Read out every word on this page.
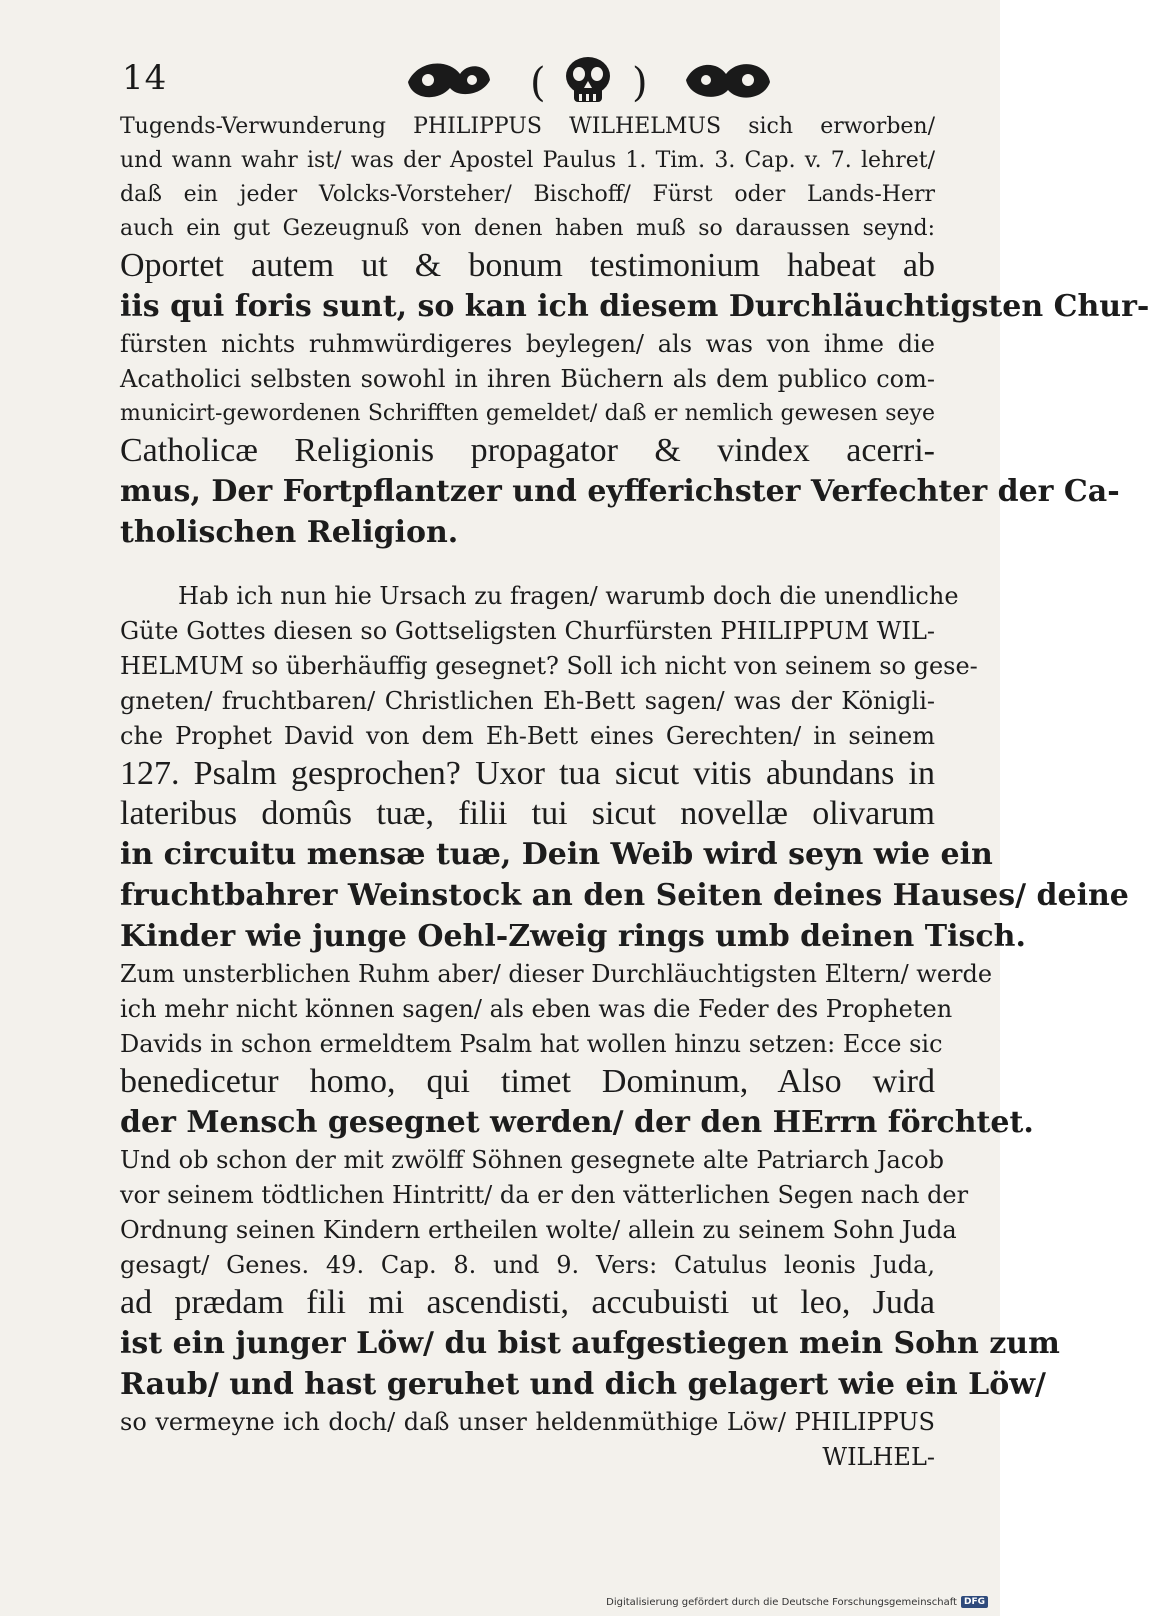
14	( )
Tugends-Verwunderung PHILIPPUS WILHELMUS sich erworben/
und wann wahr ist/ was der Apostel Paulus 1. Tim. 3. Cap. v. 7. lehret/
daß ein jeder Volcks-Vorsteher/ Bischoff/ Fürst oder Lands-Herr
auch ein gut Gezeugnuß von denen haben muß so daraussen seynd:
Oportet autem ut & bonum testimonium habeat ab
iis qui foris sunt, so kan ich diesem Durchläuchtigsten Chur-
fürsten nichts ruhmwürdigeres beylegen/ als was von ihme die
Acatholici selbsten sowohl in ihren Büchern als dem publico com-
municirt-gewordenen Schrifften gemeldet/ daß er nemlich gewesen seye
Catholicæ Religionis propagator & vindex acerri-
mus, Der Fortpflantzer und eyfferichster Verfechter der Ca-
tholischen Religion.
Hab ich nun hie Ursach zu fragen/ warumb doch die unendliche
Güte Gottes diesen so Gottseligsten Churfürsten PHILIPPUM WIL-
HELMUM so überhäuffig gesegnet? Soll ich nicht von seinem so gese-
gneten/ fruchtbaren/ Christlichen Eh-Bett sagen/ was der Königli-
che Prophet David von dem Eh-Bett eines Gerechten/ in seinem
127. Psalm gesprochen? Uxor tua sicut vitis abundans in
lateribus domûs tuæ, filii tui sicut novellæ olivarum
in circuitu mensæ tuæ, Dein Weib wird seyn wie ein
fruchtbahrer Weinstock an den Seiten deines Hauses/ deine
Kinder wie junge Oehl-Zweig rings umb deinen Tisch.
Zum unsterblichen Ruhm aber/ dieser Durchläuchtigsten Eltern/ werde
ich mehr nicht können sagen/ als eben was die Feder des Propheten
Davids in schon ermeldtem Psalm hat wollen hinzu setzen: Ecce sic
benedicetur homo, qui timet Dominum, Also wird
der Mensch gesegnet werden/ der den HErrn förchtet.
Und ob schon der mit zwölff Söhnen gesegnete alte Patriarch Jacob
vor seinem tödtlichen Hintritt/ da er den vätterlichen Segen nach der
Ordnung seinen Kindern ertheilen wolte/ allein zu seinem Sohn Juda
gesagt/ Genes. 49. Cap. 8. und 9. Vers: Catulus leonis Juda,
ad prædam fili mi ascendisti, accubuisti ut leo, Juda
ist ein junger Löw/ du bist aufgestiegen mein Sohn zum
Raub/ und hast geruhet und dich gelagert wie ein Löw/
so vermeyne ich doch/ daß unser heldenmüthige Löw/ PHILIPPUS
WILHEL-
Digitalisierung gefördert durch die Deutsche Forschungsgemeinschaft DFG
